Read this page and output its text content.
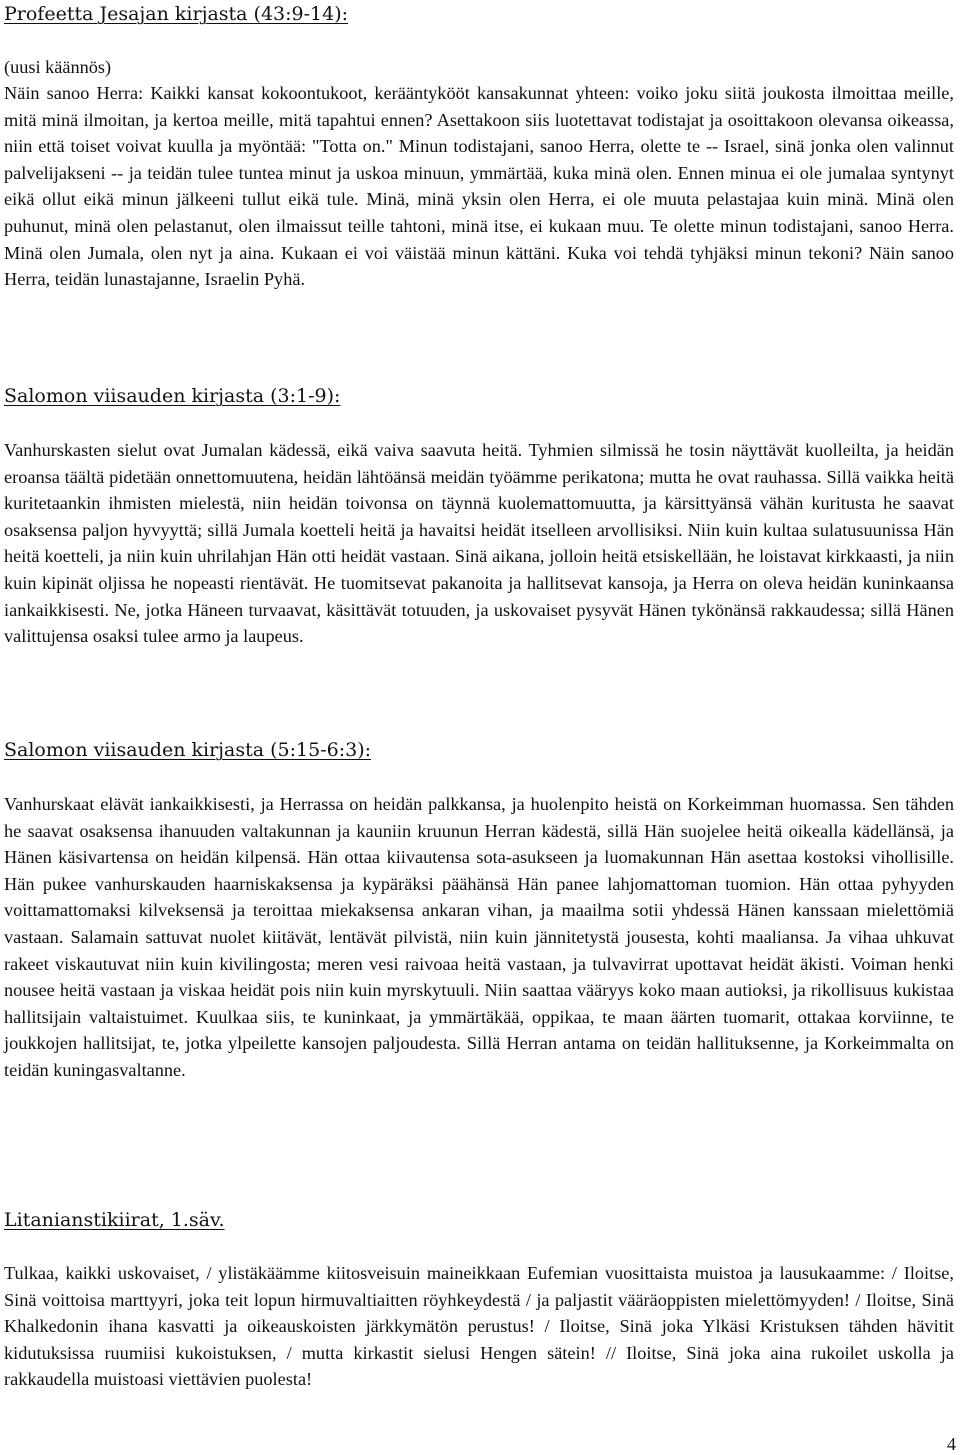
Profeetta Jesajan kirjasta (43:9-14):

(uusi käännös)

Näin sanoo Herra: Kaikki kansat kokoontukoot, kerääntykööt kansakunnat yhteen: voiko joku siitä joukosta ilmoittaa meille, mitä minä ilmoitan, ja kertoa meille, mitä tapahtui ennen? Asettakoon siis luotettavat todistajat ja osoittakoon olevansa oikeassa, niin että toiset voivat kuulla ja myöntää: "Totta on." Minun todistajani, sanoo Herra, olette te -- Israel, sinä jonka olen valinnut palvelijakseni -- ja teidän tulee tuntea minut ja uskoa minuun, ymmärtää, kuka minä olen. Ennen minua ei ole jumalaa syntynyt eikä ollut eikä minun jälkeeni tullut eikä tule. Minä, minä yksin olen Herra, ei ole muuta pelastajaa kuin minä. Minä olen puhunut, minä olen pelastanut, olen ilmaissut teille tahtoni, minä itse, ei kukaan muu. Te olette minun todistajani, sanoo Herra. Minä olen Jumala, olen nyt ja aina. Kukaan ei voi väistää minun kättäni. Kuka voi tehdä tyhjäksi minun tekoni? Näin sanoo Herra, teidän lunastajanne, Israelin Pyhä.

Salomon viisauden kirjasta (3:1-9):

Vanhurskasten sielut ovat Jumalan kädessä, eikä vaiva saavuta heitä. Tyhmien silmissä he tosin näyttävät kuolleilta, ja heidän eroansa täältä pidetään onnettomuutena, heidän lähtöänsä meidän työämme perikatona; mutta he ovat rauhassa. Sillä vaikka heitä kuritetaankin ihmisten mielestä, niin heidän toivonsa on täynnä kuolemattomuutta, ja kärsittyänsä vähän kuritusta he saavat osaksensa paljon hyvyyttä; sillä Jumala koetteli heitä ja havaitsi heidät itselleen arvollisiksi. Niin kuin kultaa sulatusuunissa Hän heitä koetteli, ja niin kuin uhrilahjan Hän otti heidät vastaan. Sinä aikana, jolloin heitä etsiskellään, he loistavat kirkkaasti, ja niin kuin kipinät oljissa he nopeasti rientävät. He tuomitsevat pakanoita ja hallitsevat kansoja, ja Herra on oleva heidän kuninkaansa iankaikkisesti. Ne, jotka Häneen turvaavat, käsittävät totuuden, ja uskovaiset pysyvät Hänen tykönänsä rakkaudessa; sillä Hänen valittujensa osaksi tulee armo ja laupeus.

Salomon viisauden kirjasta (5:15-6:3):

Vanhurskaat elävät iankaikkisesti, ja Herrassa on heidän palkkansa, ja huolenpito heistä on Korkeimman huomassa. Sen tähden he saavat osaksensa ihanuuden valtakunnan ja kauniin kruunun Herran kädestä, sillä Hän suojelee heitä oikealla kädellänsä, ja Hänen käsivartensa on heidän kilpensä. Hän ottaa kiivautensa sota-asukseen ja luomakunnan Hän asettaa kostoksi vihollisille. Hän pukee vanhurskauden haarniskaksensa ja kypäräksi päähänsä Hän panee lahjomattoman tuomion. Hän ottaa pyhyyden voittamattomaksi kilveksensä ja teroittaa miekaksensa ankaran vihan, ja maailma sotii yhdessä Hänen kanssaan mielettömiä vastaan. Salamain sattuvat nuolet kiitävät, lentävät pilvistä, niin kuin jännitetystä jousesta, kohti maaliansa. Ja vihaa uhkuvat rakeet viskautuvat niin kuin kivilingosta; meren vesi raivoaa heitä vastaan, ja tulvavirrat upottavat heidät äkisti. Voiman henki nousee heitä vastaan ja viskaa heidät pois niin kuin myrskytuuli. Niin saattaa vääryys koko maan autioksi, ja rikollisuus kukistaa hallitsijain valtaistuimet. Kuulkaa siis, te kuninkaat, ja ymmärtäkää, oppikaa, te maan äärten tuomarit, ottakaa korviinne, te joukkojen hallitsijat, te, jotka ylpeilette kansojen paljoudesta. Sillä Herran antama on teidän hallituksenne, ja Korkeimmalta on teidän kuningasvaltanne.

Litanianstikiirat, 1.säv.

Tulkaa, kaikki uskovaiset, / ylistäkäämme kiitosveisuin maineikkaan Eufemian vuosittaista muistoa ja lausukaamme: / Iloitse, Sinä voittoisa marttyyri, joka teit lopun hirmuvaltiaitten röyhkeydestä / ja paljastit vääräoppisten mielettömyyden! / Iloitse, Sinä Khalkedonin ihana kasvatti ja oikeauskoisten järkkymätön perustus! / Iloitse, Sinä joka Ylkäsi Kristuksen tähden hävitit kidutuksissa ruumiisi kukoistuksen, / mutta kirkastit sielusi Hengen sätein! // Iloitse, Sinä joka aina rukoilet uskolla ja rakkaudella muistoasi viettävien puolesta!

4
